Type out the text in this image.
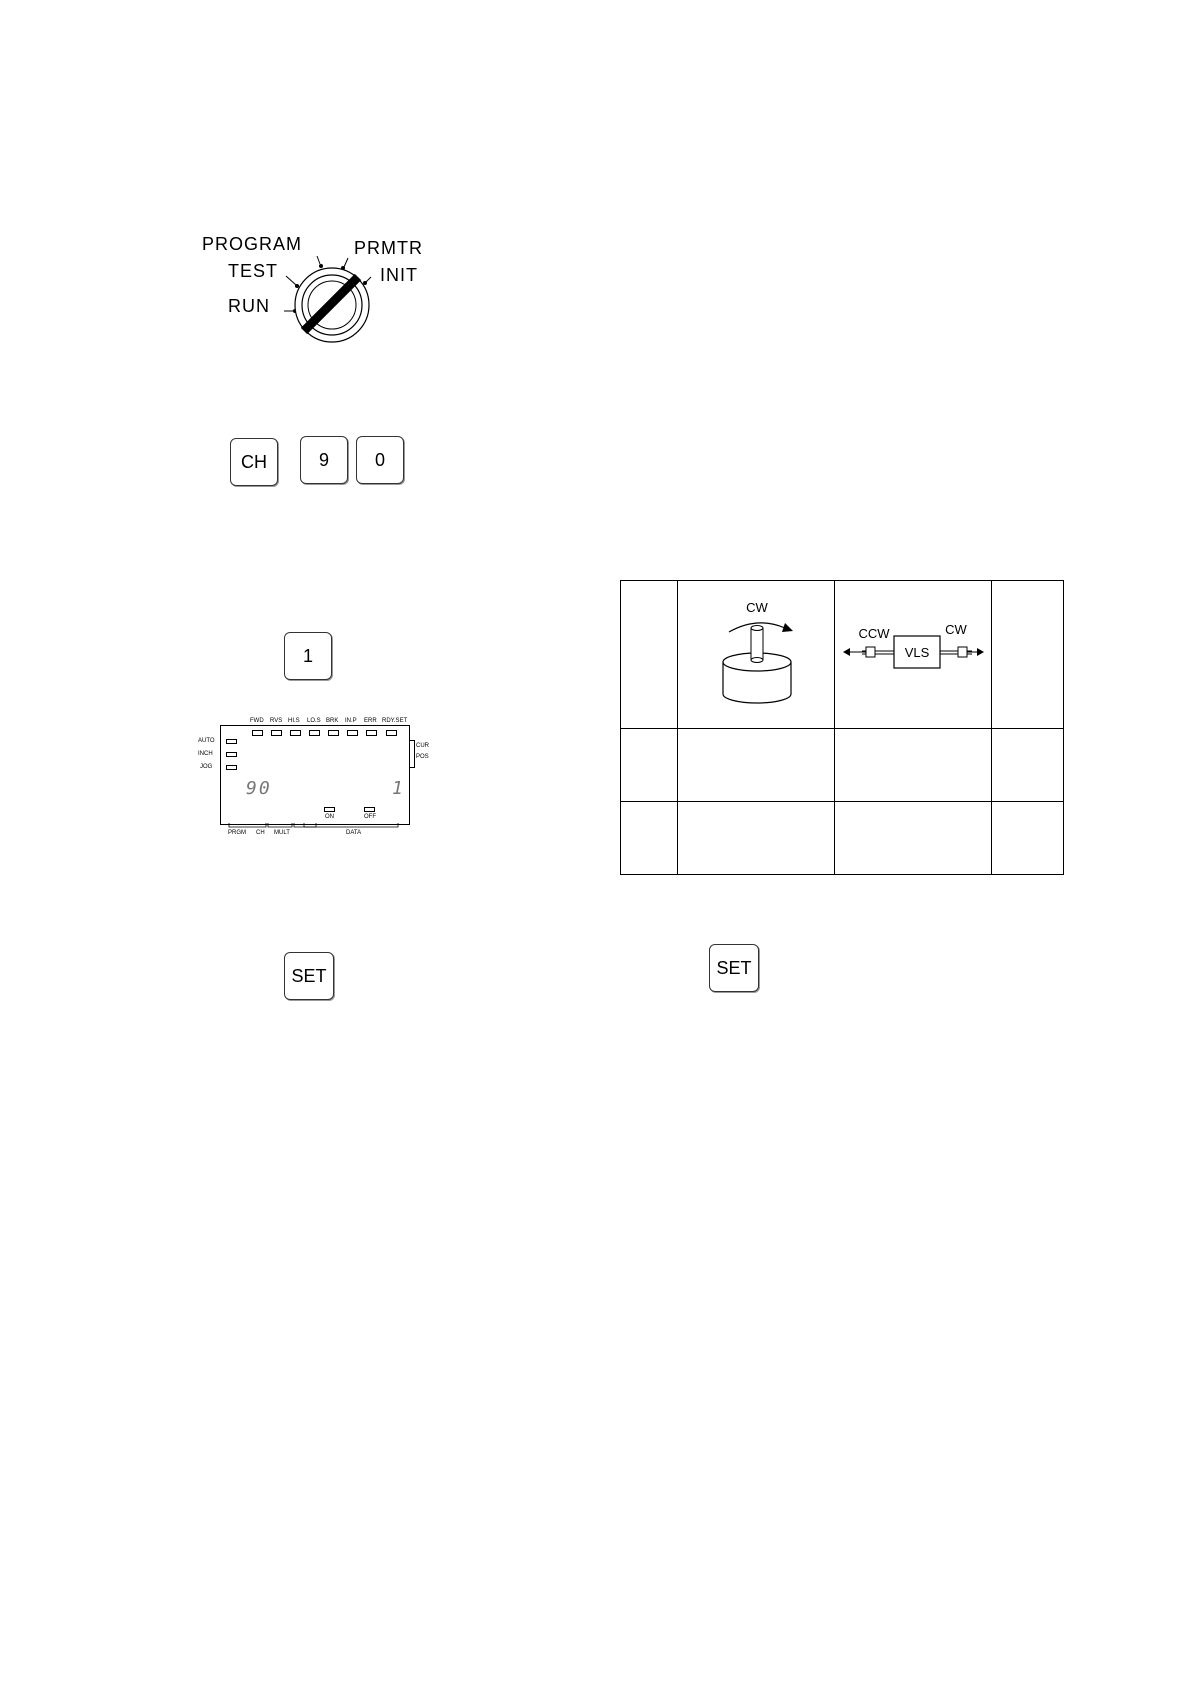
PROGRAM
TEST
RUN
PRMTR
INIT
CH	9	0
1
SET	SET
FWD RVS HI.S LO.S BRK IN.P ERR RDY.SET
AUTO
INCH
JOG
CUR
POS
90	1
ON	OFF
PRGM CH MULT	DATA

CW	CCW CW
VLS	
